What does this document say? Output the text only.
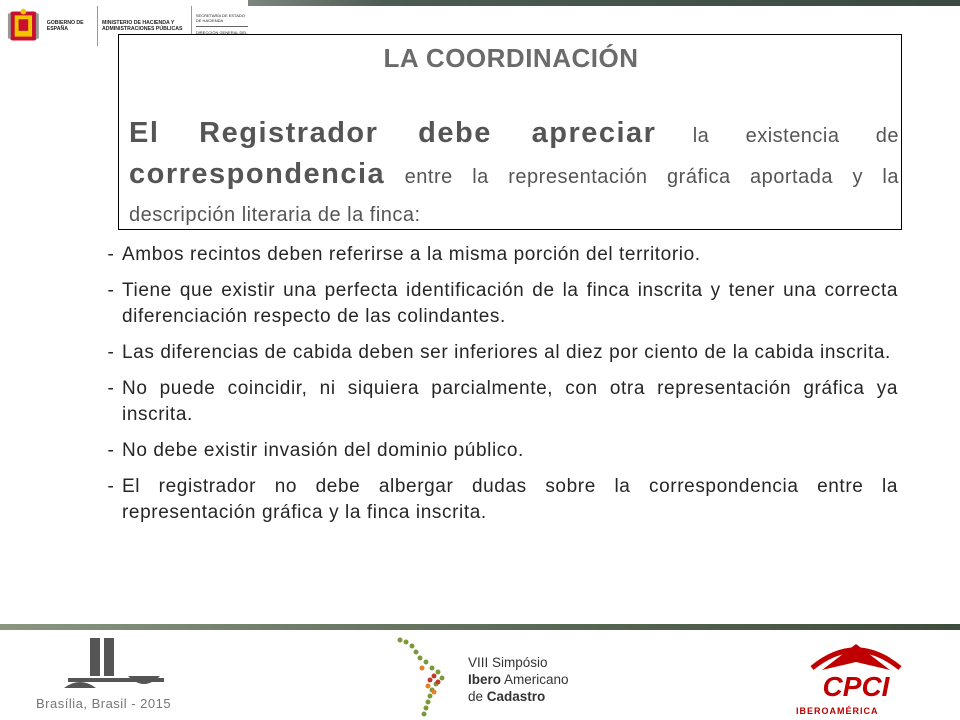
GOBIERNO DE ESPAÑA
MINISTERIO DE HACIENDA Y ADMINISTRACIONES PÚBLICAS
SECRETARÍA DE ESTADO DE HACIENDA
DIRECCIÓN GENERAL DEL
LA COORDINACIÓN
El Registrador debe apreciar la existencia de correspondencia entre la representación gráfica aportada y la descripción literaria de la finca:
- Ambos recintos deben referirse a la misma porción del territorio.
- Tiene que existir una perfecta identificación de la finca inscrita y tener una correcta diferenciación respecto de las colindantes.
- Las diferencias de cabida deben ser inferiores al diez por ciento de la cabida inscrita.
- No puede coincidir, ni siquiera parcialmente, con otra representación gráfica ya inscrita.
- No debe existir invasión del dominio público.
- El registrador no debe albergar dudas sobre la correspondencia entre la representación gráfica y la finca inscrita.
Brasília, Brasil - 2015
VIII Simpósio
Ibero Americano
de Cadastro	CPCI
IBEROAMÉRICA
